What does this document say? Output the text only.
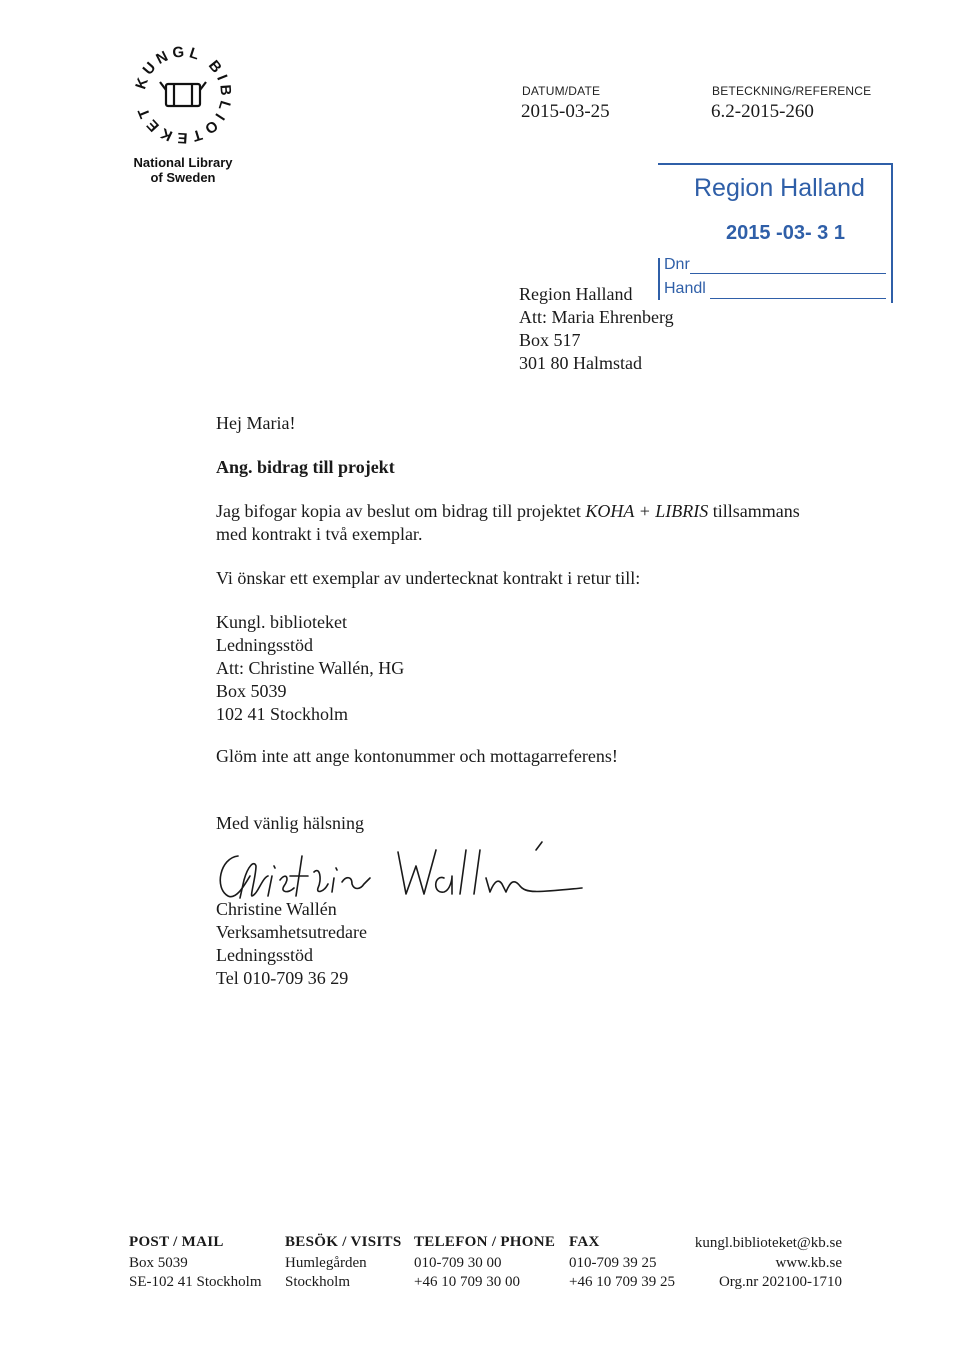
KUNGL BIBLIOTEKET
National Library
of Sweden
DATUM/DATE
2015-03-25
BETECKNING/REFERENCE
6.2-2015-260
Region Halland
2015 -03- 3 1
Dnr
Handl
Region Halland
Att: Maria Ehrenberg
Box 517
301 80 Halmstad
Hej Maria!
Ang. bidrag till projekt
Jag bifogar kopia av beslut om bidrag till projektet KOHA + LIBRIS tillsammans
med kontrakt i två exemplar.
Vi önskar ett exemplar av undertecknat kontrakt i retur till:
Kungl. biblioteket
Ledningsstöd
Att: Christine Wallén, HG
Box 5039
102 41 Stockholm
Glöm inte att ange kontonummer och mottagarreferens!
Med vänlig hälsning
Christine Wallén
Verksamhetsutredare
Ledningsstöd
Tel 010-709 36 29
POST / MAIL
Box 5039
SE-102 41 Stockholm
BESÖK / VISITS
Humlegården
Stockholm
TELEFON / PHONE
010-709 30 00
+46 10 709 30 00
FAX
010-709 39 25
+46 10 709 39 25
kungl.biblioteket@kb.se
www.kb.se
Org.nr 202100-1710
